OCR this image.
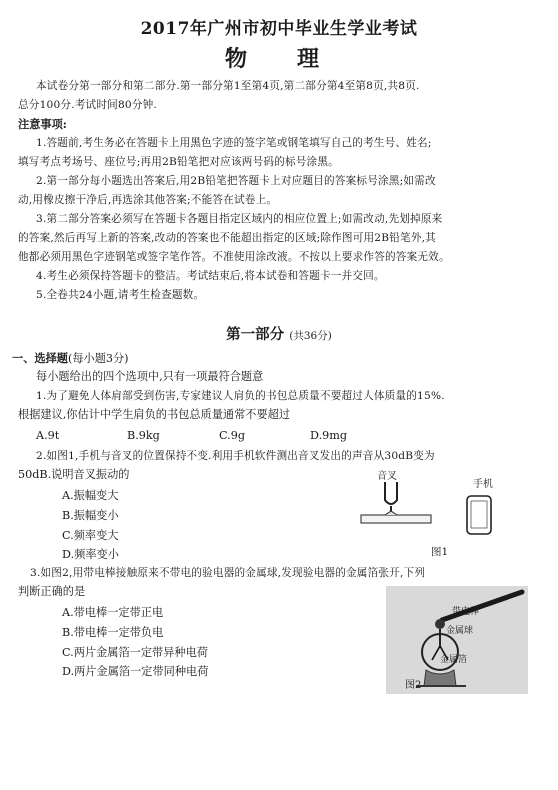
2017年广州市初中毕业生学业考试
物　理
本试卷分第一部分和第二部分.第一部分第1至第4页,第二部分第4至第8页,共8页.
总分100分.考试时间80分钟.
注意事项:
1.答题前,考生务必在答题卡上用黑色字迹的签字笔或钢笔填写自己的考生号、姓名;
填写考点考场号、座位号;再用2B铅笔把对应该两号码的标号涂黑。
2.第一部分每小题选出答案后,用2B铅笔把答题卡上对应题目的答案标号涂黑;如需改
动,用橡皮擦干净后,再选涂其他答案;不能答在试卷上。
3.第二部分答案必须写在答题卡各题目指定区域内的相应位置上;如需改动,先划掉原来
的答案,然后再写上新的答案,改动的答案也不能超出指定的区域;除作图可用2B铅笔外,其
他都必须用黑色字迹钢笔或签字笔作答。不准使用涂改液。不按以上要求作答的答案无效。
4.考生必须保持答题卡的整洁。考试结束后,将本试卷和答题卡一并交回。
5.全卷共24小题,请考生检查题数。
第一部分 (共36分)
一、选择题(每小题3分)
每小题给出的四个选项中,只有一项最符合题意
1.为了避免人体肩部受到伤害,专家建议人肩负的书包总质量不要超过人体质量的15%.
根据建议,你估计中学生肩负的书包总质量通常不要超过
A.9t	B.9kg	C.9g	D.9mg
2.如图1,手机与音叉的位置保持不变.利用手机软件测出音叉发出的声音从30dB变为
50dB.说明音叉振动的
A.振幅变大
B.振幅变小
C.频率变大
D.频率变小
音叉
手机
图1
3.如图2,用带电棒接触原来不带电的验电器的金属球,发现验电器的金属箔张开,下列
判断正确的是
A.带电棒一定带正电
B.带电棒一定带负电
C.两片金属箔一定带异种电荷
D.两片金属箔一定带同种电荷
带电棒
金属球
金属箔
图2
